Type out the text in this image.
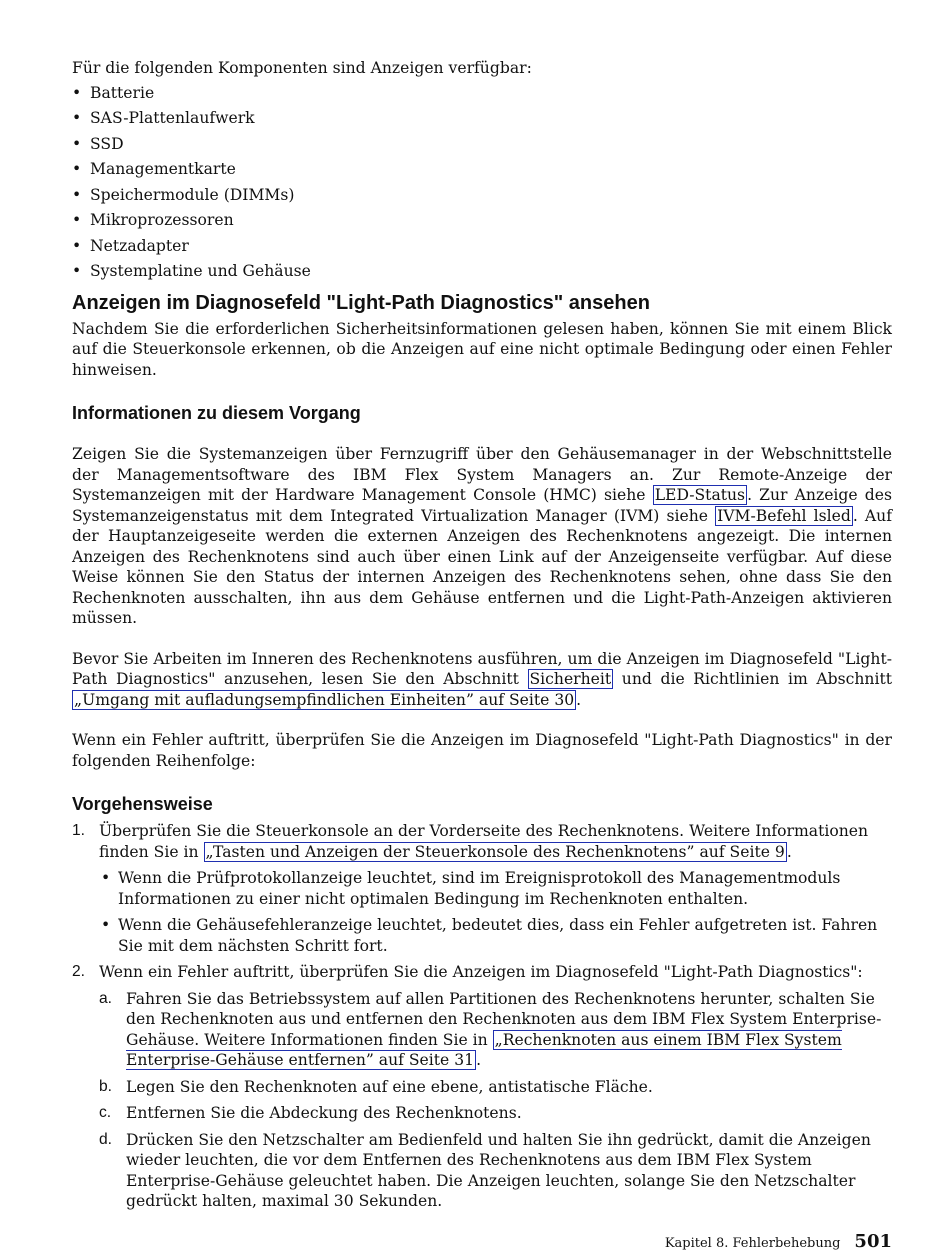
Für die folgenden Komponenten sind Anzeigen verfügbar:

• Batterie
• SAS-Plattenlaufwerk
• SSD
• Managementkarte
• Speichermodule (DIMMs)
• Mikroprozessoren
• Netzadapter
• Systemplatine und Gehäuse
Anzeigen im Diagnosefeld "Light-Path Diagnostics" ansehen

Nachdem Sie die erforderlichen Sicherheitsinformationen gelesen haben, können Sie mit einem Blick auf die Steuerkonsole erkennen, ob die Anzeigen auf eine nicht optimale Bedingung oder einen Fehler hinweisen.

Informationen zu diesem Vorgang

Zeigen Sie die Systemanzeigen über Fernzugriff über den Gehäusemanager in der Webschnittstelle der Managementsoftware des IBM Flex System Managers an. Zur Remote-Anzeige der Systemanzeigen mit der Hardware Management Console (HMC) siehe LED-Status . Zur Anzeige des Systemanzeigenstatus mit dem Integrated Virtualization Manager (IVM) siehe IVM-Befehl lsled . Auf der Hauptanzeigeseite werden die externen Anzeigen des Rechenknotens angezeigt. Die internen Anzeigen des Rechenknotens sind auch über einen Link auf der Anzeigenseite verfügbar. Auf diese Weise können Sie den Status der internen Anzeigen des Rechenknotens sehen, ohne dass Sie den Rechenknoten ausschalten, ihn aus dem Gehäuse entfernen und die Light-Path-Anzeigen aktivieren müssen.

Bevor Sie Arbeiten im Inneren des Rechenknotens ausführen, um die Anzeigen im Diagnosefeld "Light-Path Diagnostics" anzusehen, lesen Sie den Abschnitt Sicherheit und die Richtlinien im Abschnitt „Umgang mit aufladungsempfindlichen Einheiten” auf Seite 30 .

Wenn ein Fehler auftritt, überprüfen Sie die Anzeigen im Diagnosefeld "Light-Path Diagnostics" in der folgenden Reihenfolge:

Vorgehensweise
1. Überprüfen Sie die Steuerkonsole an der Vorderseite des Rechenknotens. Weitere Informationen finden Sie in „Tasten und Anzeigen der Steuerkonsole des Rechenknotens” auf Seite 9 .
• Wenn die Prüfprotokollanzeige leuchtet, sind im Ereignisprotokoll des Managementmoduls Informationen zu einer nicht optimalen Bedingung im Rechenknoten enthalten.
• Wenn die Gehäusefehleranzeige leuchtet, bedeutet dies, dass ein Fehler aufgetreten ist. Fahren Sie mit dem nächsten Schritt fort.
2. Wenn ein Fehler auftritt, überprüfen Sie die Anzeigen im Diagnosefeld "Light-Path Diagnostics":
a. Fahren Sie das Betriebssystem auf allen Partitionen des Rechenknotens herunter, schalten Sie den Rechenknoten aus und entfernen den Rechenknoten aus dem IBM Flex System Enterprise-Gehäuse. Weitere Informationen finden Sie in „Rechenknoten aus einem IBM Flex System Enterprise-Gehäuse entfernen” auf Seite 31 .
b. Legen Sie den Rechenknoten auf eine ebene, antistatische Fläche.
c. Entfernen Sie die Abdeckung des Rechenknotens.
d. Drücken Sie den Netzschalter am Bedienfeld und halten Sie ihn gedrückt, damit die Anzeigen wieder leuchten, die vor dem Entfernen des Rechenknotens aus dem IBM Flex System Enterprise-Gehäuse geleuchtet haben. Die Anzeigen leuchten, solange Sie den Netzschalter gedrückt halten, maximal 30 Sekunden.
Kapitel 8. Fehlerbehebung 501
